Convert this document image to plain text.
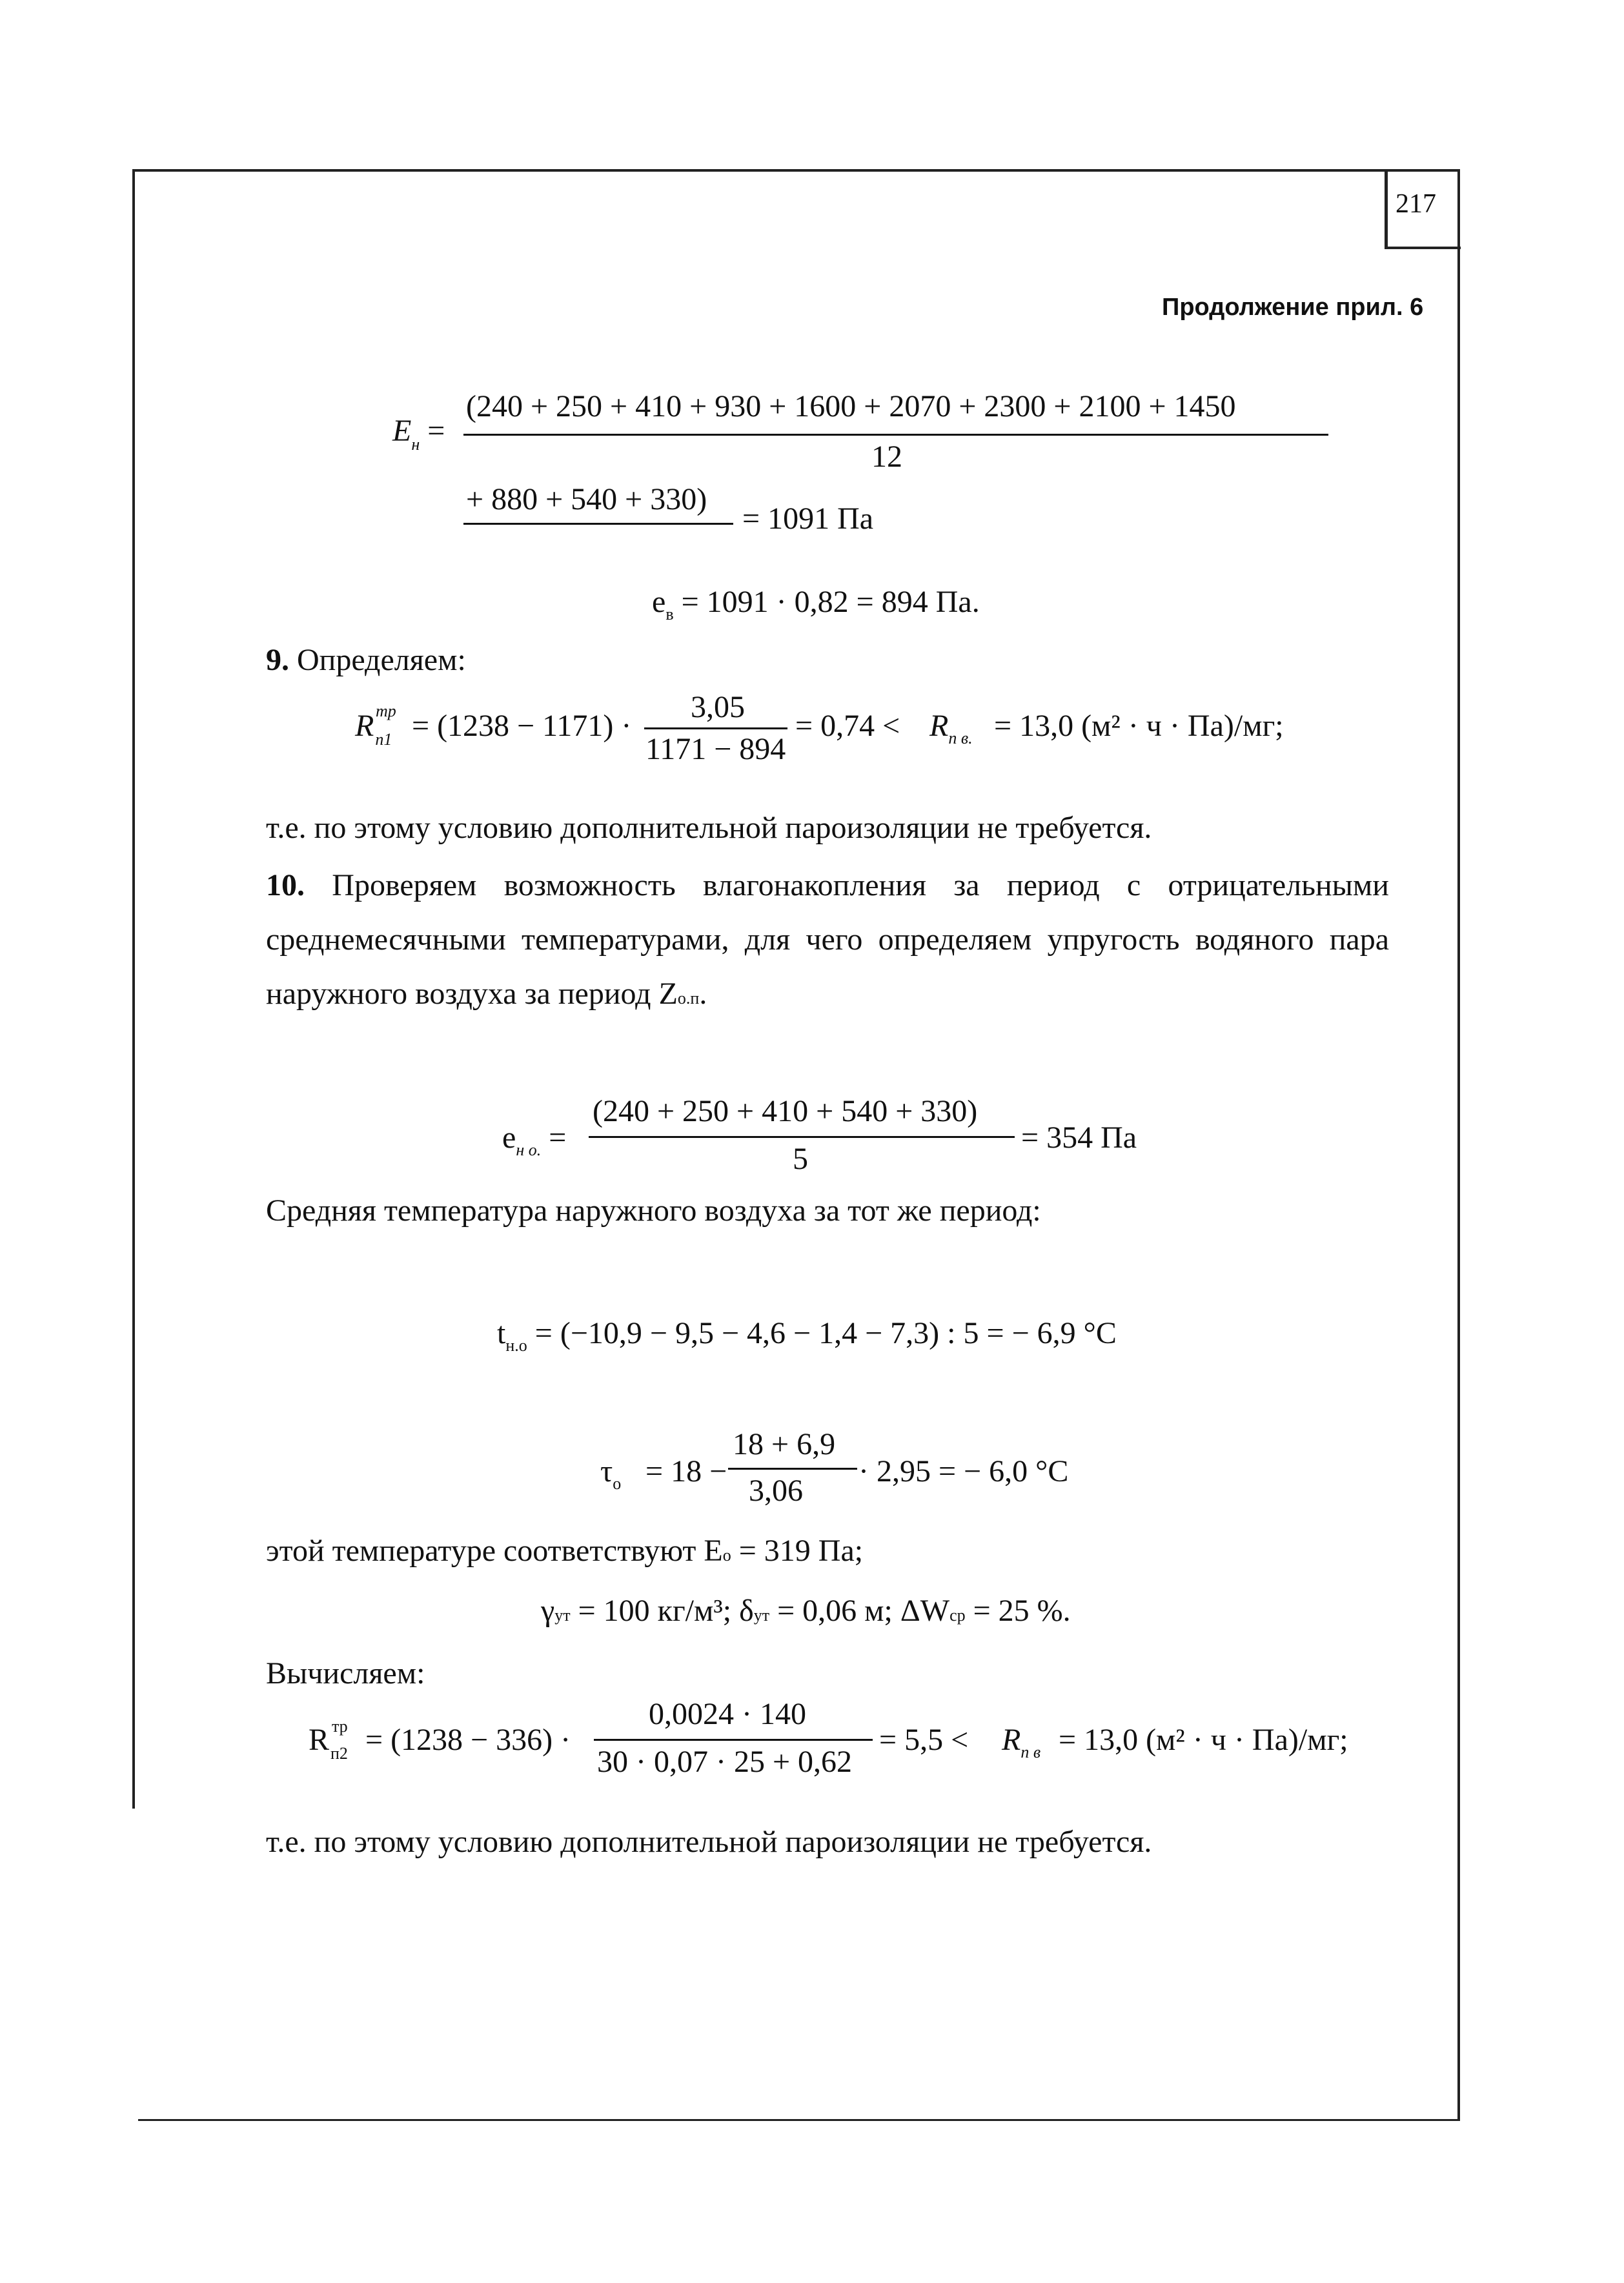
217
Продолжение прил. 6
$E_н$ =
(240 + 250 + 410 + 930 + 1600 + 2070 + 2300 + 2100 + 1450
12
+ 880 + 540 + 330)
= 1091 Па
$e_в = 1091 \cdot 0,82 = 894$ Па.
9. Определяем:
R тр
$_{п1}$ = (1238 − 1171) ·
3,05
1171 − 894
= $0,74 < R_{п в.} = 13,0$ (м² · ч · Па)/мг;
т.е. по этому условию дополнительной пароизоляции не требуется.
10. Проверяем возможность влагонакопления за период с отрицательными
среднемесячными температурами, для чего определяем упругость водяного пара
наружного воздуха за период Zо.п.
$e_{н о.}$ =
(240 + 250 + 410 + 540 + 330)
5
= 354 Па
Средняя температура наружного воздуха за тот же период:
$t_{н.о} = (-10,9 - 9,5 - 4,6 - 1,4 - 7,3)$ : 5 = − 6,9 °C
$\tau_о = 18$ −
18 + 6,9
3,06
· 2,95 = − 6,0 °C
этой температуре соответствуют Eо = 319 Па;
γут = 100 кг/м³; δут = 0,06 м; ΔWср = 25 %.
Вычисляем:
R тр
$_{п2}$ = (1238 − 336) ·
0,0024 · 140
30 · 0,07 · 25 + 0,62
= $5,5 < R_{п в} = 13,0$ (м² · ч · Па)/мг;
т.е. по этому условию дополнительной пароизоляции не требуется.
